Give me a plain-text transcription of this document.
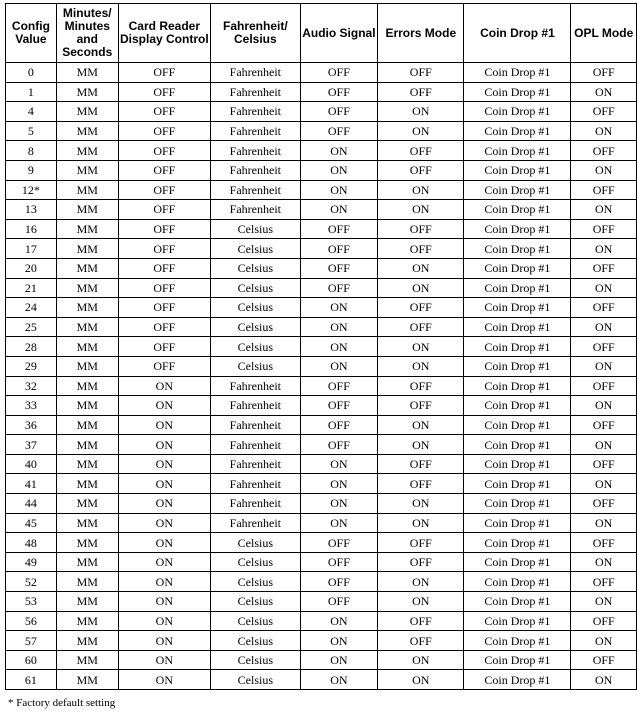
Config Value	Minutes/ Minutes and Seconds	Card Reader Display Control	Fahrenheit/ Celsius	Audio Signal	Errors Mode	Coin Drop #1	OPL Mode
0	MM	OFF	Fahrenheit	OFF	OFF	Coin Drop #1	OFF
1	MM	OFF	Fahrenheit	OFF	OFF	Coin Drop #1	ON
4	MM	OFF	Fahrenheit	OFF	ON	Coin Drop #1	OFF
5	MM	OFF	Fahrenheit	OFF	ON	Coin Drop #1	ON
8	MM	OFF	Fahrenheit	ON	OFF	Coin Drop #1	OFF
9	MM	OFF	Fahrenheit	ON	OFF	Coin Drop #1	ON
12*	MM	OFF	Fahrenheit	ON	ON	Coin Drop #1	OFF
13	MM	OFF	Fahrenheit	ON	ON	Coin Drop #1	ON
16	MM	OFF	Celsius	OFF	OFF	Coin Drop #1	OFF
17	MM	OFF	Celsius	OFF	OFF	Coin Drop #1	ON
20	MM	OFF	Celsius	OFF	ON	Coin Drop #1	OFF
21	MM	OFF	Celsius	OFF	ON	Coin Drop #1	ON
24	MM	OFF	Celsius	ON	OFF	Coin Drop #1	OFF
25	MM	OFF	Celsius	ON	OFF	Coin Drop #1	ON
28	MM	OFF	Celsius	ON	ON	Coin Drop #1	OFF
29	MM	OFF	Celsius	ON	ON	Coin Drop #1	ON
32	MM	ON	Fahrenheit	OFF	OFF	Coin Drop #1	OFF
33	MM	ON	Fahrenheit	OFF	OFF	Coin Drop #1	ON
36	MM	ON	Fahrenheit	OFF	ON	Coin Drop #1	OFF
37	MM	ON	Fahrenheit	OFF	ON	Coin Drop #1	ON
40	MM	ON	Fahrenheit	ON	OFF	Coin Drop #1	OFF
41	MM	ON	Fahrenheit	ON	OFF	Coin Drop #1	ON
44	MM	ON	Fahrenheit	ON	ON	Coin Drop #1	OFF
45	MM	ON	Fahrenheit	ON	ON	Coin Drop #1	ON
48	MM	ON	Celsius	OFF	OFF	Coin Drop #1	OFF
49	MM	ON	Celsius	OFF	OFF	Coin Drop #1	ON
52	MM	ON	Celsius	OFF	ON	Coin Drop #1	OFF
53	MM	ON	Celsius	OFF	ON	Coin Drop #1	ON
56	MM	ON	Celsius	ON	OFF	Coin Drop #1	OFF
57	MM	ON	Celsius	ON	OFF	Coin Drop #1	ON
60	MM	ON	Celsius	ON	ON	Coin Drop #1	OFF
61	MM	ON	Celsius	ON	ON	Coin Drop #1	ON
* Factory default setting
